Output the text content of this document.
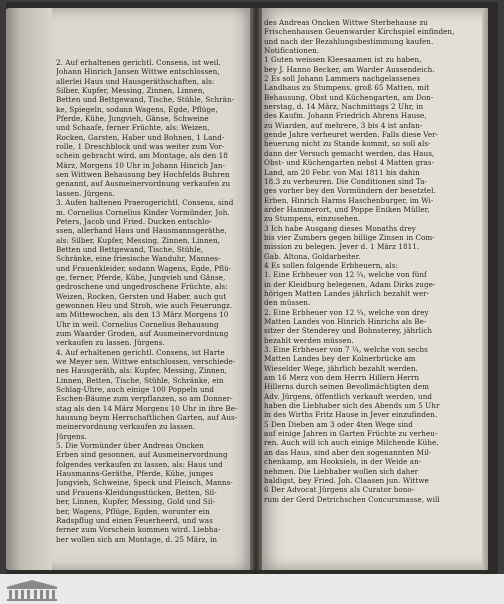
2. Auf erhaltenen gerichtl. Consens, ist weil.

Johann Hinrich Jansen Wittwe entschlossen,

allerlei Haus und Hausgeräthschaften, als:

Silber, Kupfer, Messing, Zinnen, Linnen,

Betten und Bettgewand, Tische, Stühle, Schrän-

ke, Spiegeln, sodann Wagens, Egde, Pflüge,

Pferde, Kühe, Jungvieh, Gänse, Schweine

und Schaafe, ferner Früchte, als: Weizen,

Rocken, Garsten, Haber und Bohnen, 1 Land-

rolle, 1 Dreschblock und was weiter zum Vor-

schein gebracht wird, am Montage, als den 18

März, Morgens 10 Uhr in Johann Hinrich Jan-

sen Wittwen Behausung bey Hochfelds Buhren

genannt, auf Ausmeinervordnung verkaufen zu

lassen. Jürgens.

3. Aufen haltenen Praerogerichtl. Consens, sind

m. Cornelius Cornelius Kinder Vormünder, Joh.

Peters, Jacob und Fried. Ducken entschlo-

ssen, allerhand Haus und Hausmannsgeräthe,

als: Silber, Kupfer, Messing, Zinnen, Linnen,

Betten und Bettgewand, Tische, Stühle,

Schränke, eine friesische Wanduhr, Mannes-

und Frauenkleider, sodann Wagens, Egde, Pflü-

ge, ferner, Pferde, Kühe, Jungvieh und Gänse,

gedroschene und ungedroschene Früchte, als:

Weizen, Rocken, Gersten und Haber, auch gut

gewonnen Heu und Stroh, wie auch Feuerungz.

am Mittewochen, als den 13 März Morgens 10

Uhr in weil. Cornelius Cornelius Behausung

zum Waarder Groden, auf Ausmeinervordnung

verkaufen zu lassen. Jürgens.

4. Auf erhaltenen gerichtl. Consens, ist Harte

we Meyer sen. Wittwe entschlossen, verschiede-

nes Hausgeräth, als: Kupfer, Messing, Zinnen,

Linnen, Betten, Tische, Stühle, Schränke, ein

Schlag-Uhre, auch einige 100 Poppeln und

Eschen-Bäume zum verpflanzen, so am Donner-

stag als den 14 März Morgens 10 Uhr in ihre Be-

hausung beym Herrschaftlichen Garten, auf Aus-

meinervordnung verkaufen zu lassen.

Jürgens.

5. Die Vormünder über Andreas Oncken

Erben sind gesonnen, auf Ausmeinervordnung

folgendes verkaufen zu lassen, als: Haus und

Hausmanns-Geräthe, Pferde, Kühe, junges

Jungvieh, Schweine, Speck und Fleisch, Manns-

und Frauens-Kleidungsstücken, Betten, Sil-

ber, Linnen, Kupfer, Messing, Gold und Sil-

ber, Wagens, Pflüge, Egden, worunter ein

Radspflug und einen Feuerheerd, und was

ferner zum Vorschein kommen wird. Liebha-

ber wollen sich am Montage, d. 25 März, in

des Andreas Oncken Wittwe Sterbehause zu

Frischenhausen Geuenwarder Kirchspiel einfinden,

und nach der Bezahlungsbestimmung kaufen.

Notificationen.

1 Guten weissen Kleesaamen ist zu haben,

bey J. Hanno Becker, am Warder Aussendeich.

2 Es soll Johann Lammers nachgelassenes

Landhaus zu Stumpens, groß 65 Matten, mit

Behausung, Obst und Küchengarten, am Don-

nerstag, d. 14 März, Nachmittags 2 Uhr, in

des Kaufm. Johann Friedrich Ahrens Hause,

zu Wiarden, auf mehrere, 3 bis 4 ist anfan-

gende Jahre verheuret werden. Falls diese Ver-

heuerung nicht zu Stande kommt, so soll als-

dann der Versuch gemacht werden, das Haus,

Obst- und Küchengarten nebst 4 Matten gras-

Land, am 20 Febr. von Mai 1811 bis dahin

18.3 zu verheuren. Die Conditionen sind Ta-

ges vorher bey den Vormündern der besetztel.

Erben, Hinrich Harms Haschenburger, im Wi-

arder Hammerort, und Poppe Eniken Müller,

zu Stumpens, einzusehen.

3 Ich habe Ausgang dieses Monaths drey

bis vier Zumbers gegen billige Zinsen in Com-

mission zu belegen. Jever d. 1 März 1811.

Gab. Altona, Goldarbeiter.

4 Es sollen folgende Erbheuern, als:

1. Eine Erbheuer von 12 ¼, welche von fünf

in der Kleidburg belegenen, Adam Dirks zuge-

hörigen Matten Landes jährlich bezahlt wer-

den müssen.

2. Eine Erbheuer von 12 ¼, welche von drey

Matten Landes von Hinrich Hinrichs als Be-

sitzer der Stenderey und Bohnsterey, jährlich

bezahlt werden müssen.

3. Eine Erbheuer von 7 ¼, welche von sechs

Matten Landes bey der Kolnerbrücke am

Wieselder Wege, jährlich bezahlt werden.

am 16 Merz von dem Herrn Hillern Herrn

Hillerns durch seinen Bevollmächtigten dem

Adv. Jürgens, öffentlich verkauft werden, und

haben die Liebhaber sich des Abends um 5 Uhr

in des Wirths Fritz Hause in Jever einzufinden.

5 Den Dieben am 3 oder 4ten Wege sind

auf einige Jahren in Garten Früchte zu verheu-

ren. Auch will ich auch einige Milchende Kühe,

an das Haus, sind aber den sogenannten Mil-

chenkamp, am Hooksiels, in der Weide an-

nehmen. Die Liebhaber wollen sich daher

baldigst, bey Fried. Joh. Claasen jun. Wittwe

6 Der Advocat Jürgens als Curator bono-

rum der Gerd Detrichschen Concursmasse, will
